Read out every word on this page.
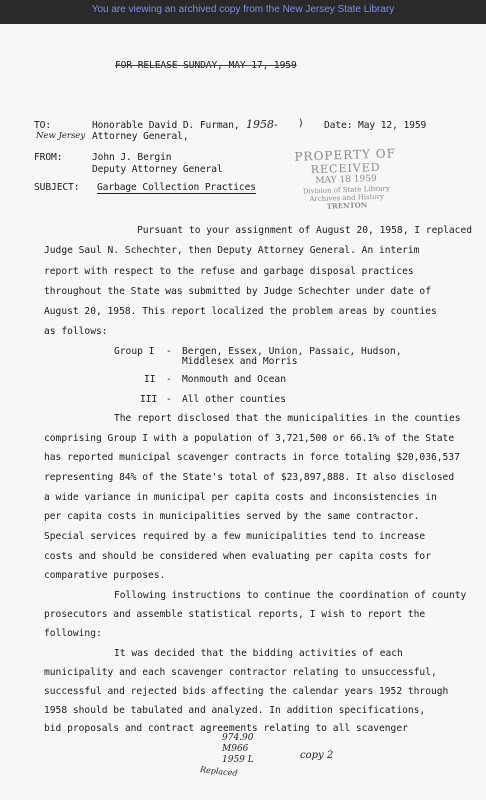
You are viewing an archived copy from the New Jersey State Library
FOR RELEASE SUNDAY, MAY 17, 1959
TO:	Honorable David D. Furman, 1958- ) Date: May 12, 1959
New Jersey Attorney General,
FROM:	John J. Bergin
Deputy Attorney General
SUBJECT: Garbage Collection Practices
PROPERTY OF
RECEIVED
MAY 18 1959
Division of State Library
Archives and History
TRENTON
Pursuant to your assignment of August 20, 1958, I replaced
Judge Saul N. Schechter, then Deputy Attorney General. An interim
report with respect to the refuse and garbage disposal practices
throughout the State was submitted by Judge Schechter under date of
August 20, 1958. This report localized the problem areas by counties
as follows:
Group I - Bergen, Essex, Union, Passaic, Hudson,
Middlesex and Morris
II - Monmouth and Ocean
III - All other counties
The report disclosed that the municipalities in the counties
comprising Group I with a population of 3,721,500 or 66.1% of the State
has reported municipal scavenger contracts in force totaling $20,036,537
representing 84% of the State's total of $23,897,888. It also disclosed
a wide variance in municipal per capita costs and inconsistencies in
per capita costs in municipalities served by the same contractor.
Special services required by a few municipalities tend to increase
costs and should be considered when evaluating per capita costs for
comparative purposes.
Following instructions to continue the coordination of county
prosecutors and assemble statistical reports, I wish to report the
following:
It was decided that the bidding activities of each
municipality and each scavenger contractor relating to unsuccessful,
successful and rejected bids affecting the calendar years 1952 through
1958 should be tabulated and analyzed. In addition specifications,
bid proposals and contract agreements relating to all scavenger
974.90
M966
1959 L	copy 2
Replaced
